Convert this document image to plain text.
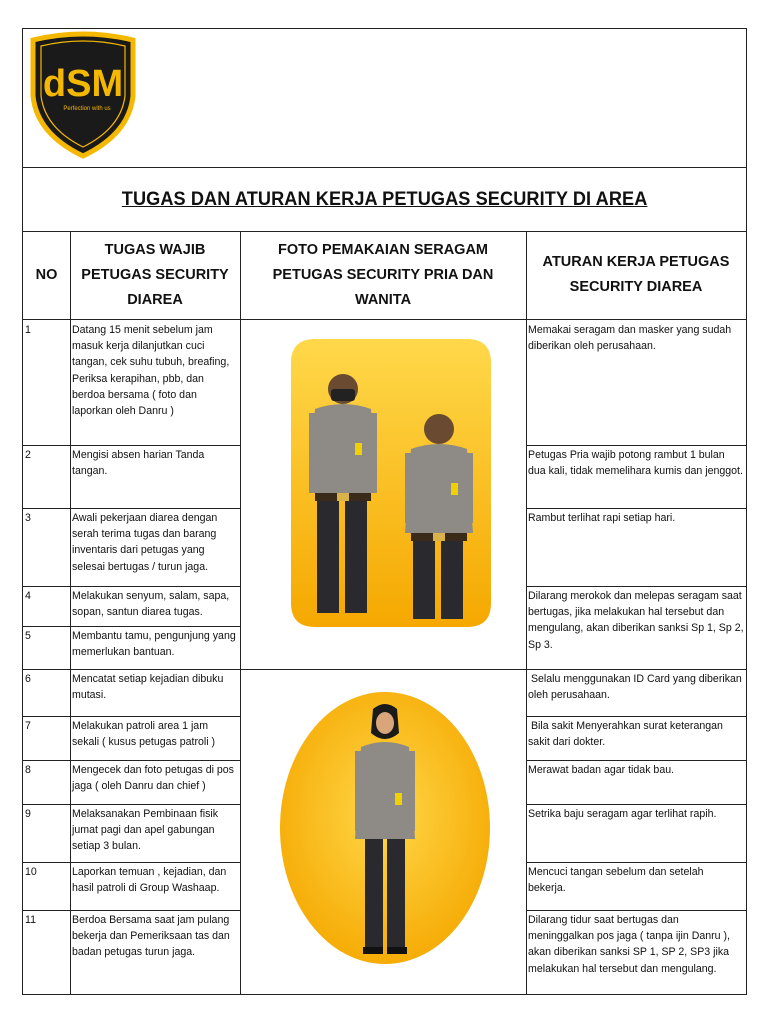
dSM
Perfection with us
TUGAS DAN ATURAN KERJA PETUGAS SECURITY DI AREA
NO
TUGAS WAJIB PETUGAS SECURITY DIAREA
FOTO PEMAKAIAN SERAGAM PETUGAS SECURITY PRIA DAN WANITA
ATURAN KERJA PETUGAS SECURITY DIAREA
1
2
3
4
5
6
7
8
9
10
11
Datang 15 menit sebelum jam masuk kerja dilanjutkan cuci tangan, cek suhu tubuh, breafing, Periksa kerapihan, pbb, dan berdoa bersama ( foto dan laporkan oleh Danru )
Mengisi absen harian Tanda tangan.
Awali pekerjaan diarea dengan serah terima tugas dan barang inventaris dari petugas yang selesai bertugas / turun jaga.
Melakukan senyum, salam, sapa, sopan, santun diarea tugas.
Membantu tamu, pengunjung yang memerlukan bantuan.
Mencatat setiap kejadian dibuku mutasi.
Melakukan patroli area 1 jam sekali ( kusus petugas patroli )
Mengecek dan foto petugas di pos jaga ( oleh Danru dan chief )
Melaksanakan Pembinaan fisik jumat pagi dan apel gabungan setiap 3 bulan.
Laporkan temuan , kejadian, dan hasil patroli di Group Washaap.
Berdoa Bersama saat jam pulang bekerja dan Pemeriksaan tas dan badan petugas turun jaga.
Memakai seragam dan masker yang sudah diberikan oleh perusahaan.
Petugas Pria wajib potong rambut 1 bulan dua kali, tidak memelihara kumis dan jenggot.
Rambut terlihat rapi setiap hari.
Dilarang merokok dan melepas seragam saat bertugas, jika melakukan hal tersebut dan mengulang, akan diberikan sanksi Sp 1, Sp 2, Sp 3.
Selalu menggunakan ID Card yang diberikan oleh perusahaan.
Bila sakit Menyerahkan surat keterangan sakit dari dokter.
Merawat badan agar tidak bau.
Setrika baju seragam agar terlihat rapih.
Mencuci tangan sebelum dan setelah bekerja.
Dilarang tidur saat bertugas dan meninggalkan pos jaga ( tanpa ijin Danru ), akan diberikan sanksi SP 1, SP 2, SP3 jika melakukan hal tersebut dan mengulang.
